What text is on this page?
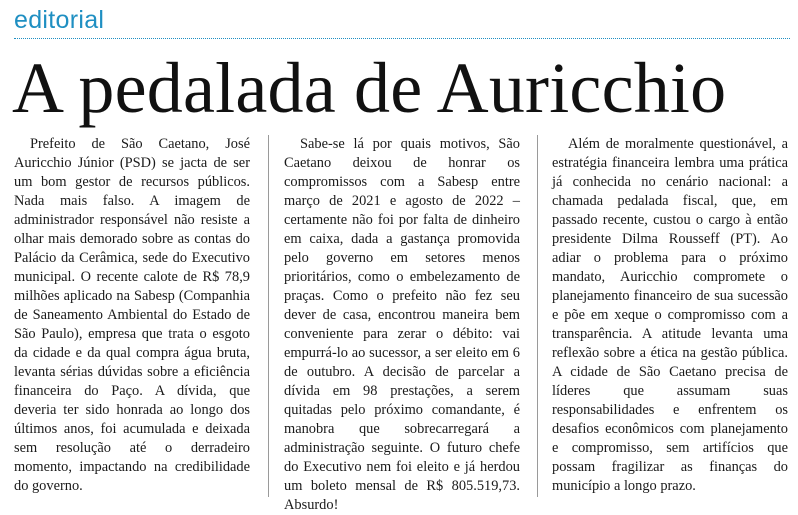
editorial
A pedalada de Auricchio

Prefeito de São Caetano, José Auricchio Júnior (PSD) se jacta de ser um bom gestor de recursos públicos. Nada mais falso. A imagem de administrador responsável não resiste a olhar mais demorado sobre as contas do Palácio da Cerâmica, sede do Executivo municipal. O recente calote de R$ 78,9 milhões aplicado na Sabesp (Companhia de Saneamento Ambiental do Estado de São Paulo), empresa que trata o esgoto da cidade e da qual compra água bruta, levanta sérias dúvidas sobre a eficiência financeira do Paço. A dívida, que deveria ter sido honrada ao longo dos últimos anos, foi acumulada e deixada sem resolução até o derradeiro momento, impactando na credibilidade do governo.

Sabe-se lá por quais motivos, São Caetano deixou de honrar os compromissos com a Sabesp entre março de 2021 e agosto de 2022 – certamente não foi por falta de dinheiro em caixa, dada a gastança promovida pelo governo em setores menos prioritários, como o embelezamento de praças. Como o prefeito não fez seu dever de casa, encontrou maneira bem conveniente para zerar o débito: vai empurrá-lo ao sucessor, a ser eleito em 6 de outubro. A decisão de parcelar a dívida em 98 prestações, a serem quitadas pelo próximo comandante, é manobra que sobrecarregará a administração seguinte. O futuro chefe do Executivo nem foi eleito e já herdou um boleto mensal de R$ 805.519,73. Absurdo!

Além de moralmente questionável, a estratégia financeira lembra uma prática já conhecida no cenário nacional: a chamada pedalada fiscal, que, em passado recente, custou o cargo à então presidente Dilma Rousseff (PT). Ao adiar o problema para o próximo mandato, Auricchio compromete o planejamento financeiro de sua sucessão e põe em xeque o compromisso com a transparência. A atitude levanta uma reflexão sobre a ética na gestão pública. A cidade de São Caetano precisa de líderes que assumam suas responsabilidades e enfrentem os desafios econômicos com planejamento e compromisso, sem artifícios que possam fragilizar as finanças do município a longo prazo.
